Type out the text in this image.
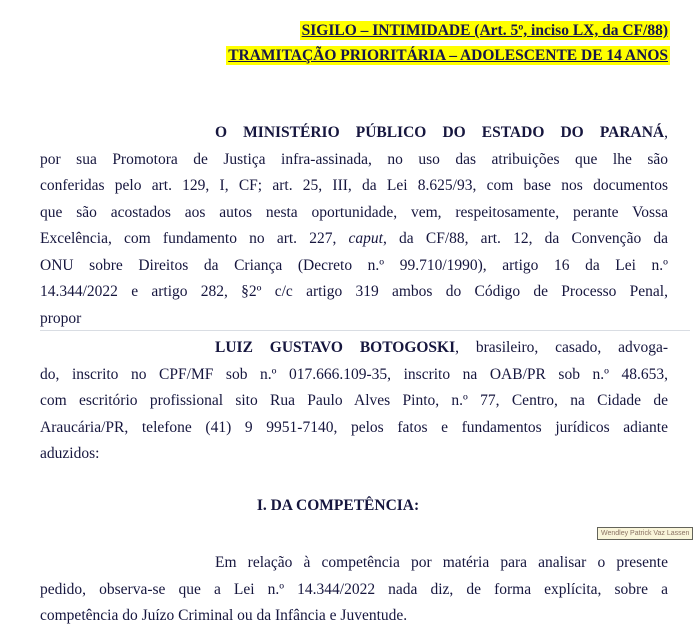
SIGILO – INTIMIDADE (Art. 5º, inciso LX, da CF/88)
TRAMITAÇÃO PRIORITÁRIA – ADOLESCENTE DE 14 ANOS
O MINISTÉRIO PÚBLICO DO ESTADO DO PARANÁ,
por sua Promotora de Justiça infra-assinada, no uso das atribuições que lhe são
conferidas pelo art. 129, I, CF; art. 25, III, da Lei 8.625/93, com base nos documentos
que são acostados aos autos nesta oportunidade, vem, respeitosamente, perante Vossa
Excelência, com fundamento no art. 227, caput, da CF/88, art. 12, da Convenção da
ONU sobre Direitos da Criança (Decreto n.º 99.710/1990), artigo 16 da Lei n.º
14.344/2022 e artigo 282, §2º c/c artigo 319 ambos do Código de Processo Penal,
propor
LUIZ GUSTAVO BOTOGOSKI, brasileiro, casado, advoga-
do, inscrito no CPF/MF sob n.º 017.666.109-35, inscrito na OAB/PR sob n.º 48.653,
com escritório profissional sito Rua Paulo Alves Pinto, n.º 77, Centro, na Cidade de
Araucária/PR, telefone (41) 9 9951-7140, pelos fatos e fundamentos jurídicos adiante
aduzidos:
I. DA COMPETÊNCIA:
Wendley Patrick Vaz Lassen
Em relação à competência por matéria para analisar o presente
pedido, observa-se que a Lei n.º 14.344/2022 nada diz, de forma explícita, sobre a
competência do Juízo Criminal ou da Infância e Juventude.
